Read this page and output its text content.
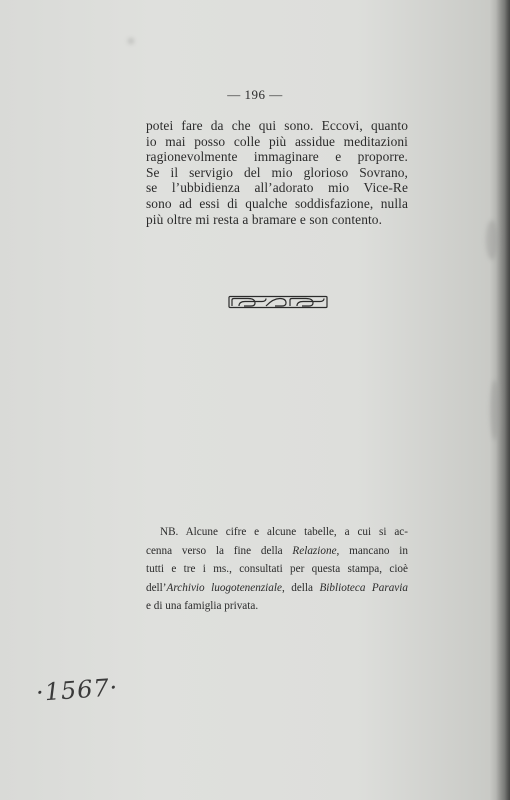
— 196 —
potei fare da che qui sono. Eccovi, quanto
io mai posso colle più assidue meditazioni
ragionevolmente immaginare e proporre.
Se il servigio del mio glorioso Sovrano,
se l’ubbidienza all’adorato mio Vice-Re
sono ad essi di qualche soddisfazione, nulla
più oltre mi resta a bramare e son contento.
NB. Alcune cifre e alcune tabelle, a cui si ac-
cenna verso la fine della Relazione, mancano in
tutti e tre i ms., consultati per questa stampa, cioè
dell’Archivio luogotenenziale, della Biblioteca Paravia
e di una famiglia privata.
·1567·
